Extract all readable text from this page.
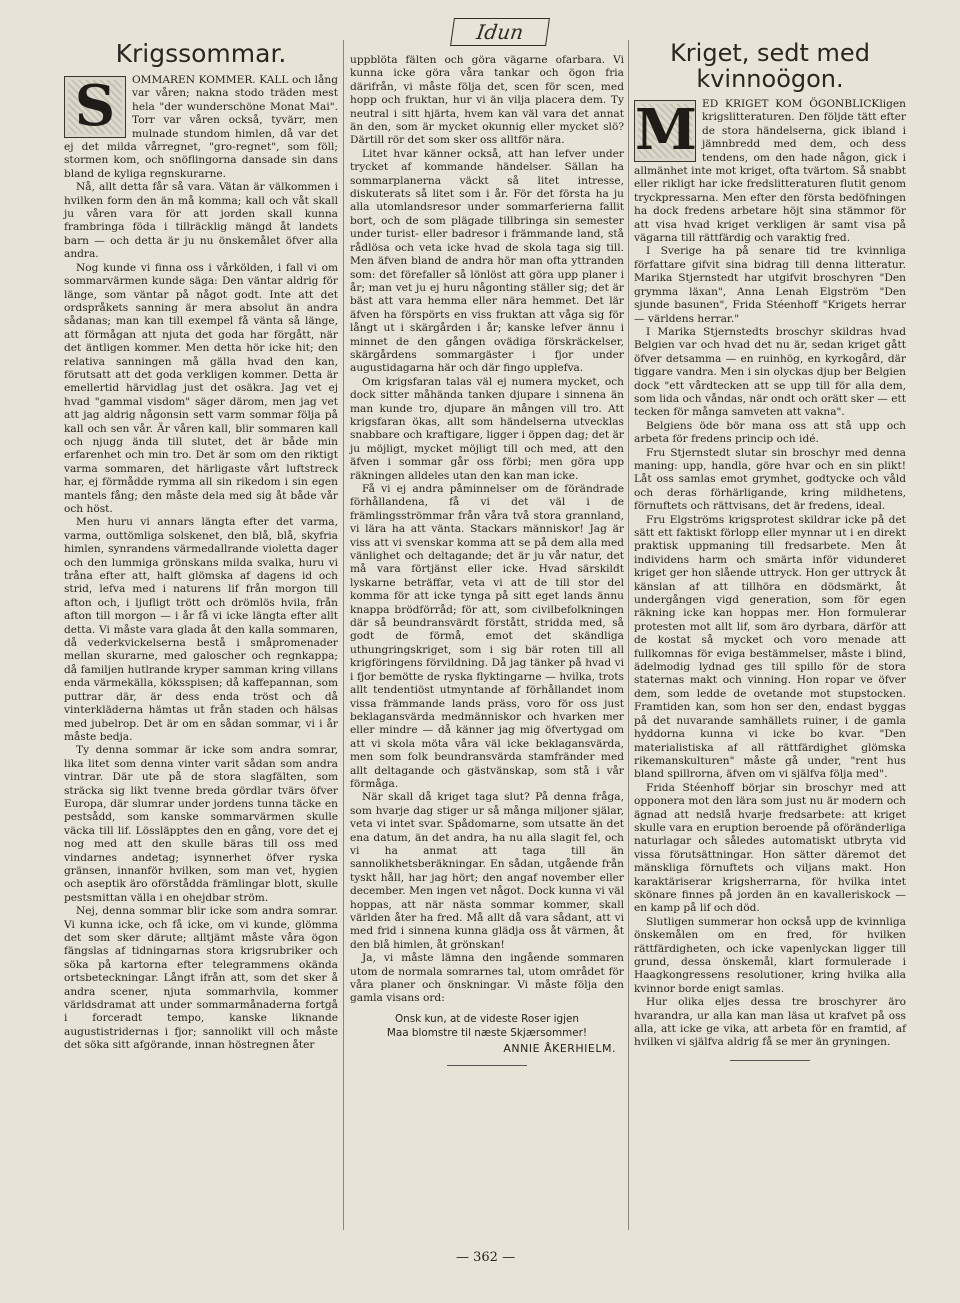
Idun
Krigssommar.

S	OMMAREN KOMMER. KALL och lång var våren; nakna stodo träden mest hela "der wunderschöne Monat Mai". Torr var våren också, tyvärr, men mulnade stundom himlen, då var det ej det milda vårregnet, "gro-regnet", som föll; stormen kom, och snöflingorna dansade sin dans bland de kyliga regnskurarne.

Nå, allt detta får så vara. Vätan är välkommen i hvilken form den än må komma; kall och våt skall ju våren vara för att jorden skall kunna frambringa föda i tillräcklig mängd åt landets barn — och detta är ju nu önskemålet öfver alla andra.

Nog kunde vi finna oss i vårkölden, i fall vi om sommarvärmen kunde säga: Den väntar aldrig för länge, som väntar på något godt. Inte att det ordspråkets sanning är mera absolut än andra sådanas; man kan till exempel få vänta så länge, att förmågan att njuta det goda har förgått, när det äntligen kommer. Men detta hör icke hit; den relativa sanningen må gälla hvad den kan, förutsatt att det goda verkligen kommer. Detta är emellertid härvidlag just det osäkra. Jag vet ej hvad "gammal visdom" säger därom, men jag vet att jag aldrig någonsin sett varm sommar följa på kall och sen vår. Är våren kall, blir sommaren kall och njugg ända till slutet, det är både min erfarenhet och min tro. Det är som om den riktigt varma sommaren, det härligaste vårt luftstreck har, ej förmådde rymma all sin rikedom i sin egen mantels fång; den måste dela med sig åt både vår och höst.

Men huru vi annars längta efter det varma, varma, outtömliga solskenet, den blå, blå, skyfria himlen, synrandens värmedallrande violetta dager och den lummiga grönskans milda svalka, huru vi tråna efter att, halft glömska af dagens id och strid, lefva med i naturens lif från morgon till afton och, i ljufligt trött och drömlös hvila, från afton till morgon — i år få vi icke längta efter allt detta. Vi måste vara glada åt den kalla sommaren, då vederkvickelserna bestå i småpromenader mellan skurarne, med galoscher och regnkappa; då familjen hutlrande kryper samman kring villans enda värmekälla, köksspisen; då kaffepannan, som puttrar där, är dess enda tröst och då vinterkläderna hämtas ut från staden och hälsas med jubelrop. Det är om en sådan sommar, vi i år måste bedja.

Ty denna sommar är icke som andra somrar, lika litet som denna vinter varit sådan som andra vintrar. Där ute på de stora slagfälten, som sträcka sig likt tvenne breda gördlar tvärs öfver Europa, där slumrar under jordens tunna täcke en pestsådd, som kanske sommarvärmen skulle väcka till lif. Lössläpptes den en gång, vore det ej nog med att den skulle bäras till oss med vindarnes andetag; isynnerhet öfver ryska gränsen, innanför hvilken, som man vet, hygien och aseptik äro oförstådda främlingar blott, skulle pestsmittan välla i en ohejdbar ström.

Nej, denna sommar blir icke som andra somrar. Vi kunna icke, och få icke, om vi kunde, glömma det som sker därute; alltjämt måste våra ögon fängslas af tidningarnas stora krigsrubriker och söka på kartorna efter telegrammens okända ortsbeteckningar. Långt ifrån att, som det sker å andra scener, njuta sommarhvila, kommer världsdramat att under sommarmånaderna fortgå i forceradt tempo, kanske liknande augustistridernas i fjor; sannolikt vill och måste det söka sitt afgörande, innan höstregnen åter

uppblöta fälten och göra vägarne ofarbara. Vi kunna icke göra våra tankar och ögon fria därifrån, vi måste följa det, scen för scen, med hopp och fruktan, hur vi än vilja placera dem. Ty neutral i sitt hjärta, hvem kan väl vara det annat än den, som är mycket okunnig eller mycket slö? Därtill rör det som sker oss alltför nära.

Litet hvar känner också, att han lefver under trycket af kommande händelser. Sällan ha sommarplanerna väckt så litet intresse, diskuterats så litet som i år. För det första ha ju alla utomlandsresor under sommarferierna fallit bort, och de som plägade tillbringa sin semester under turist- eller badresor i främmande land, stå rådlösa och veta icke hvad de skola taga sig till. Men äfven bland de andra hör man ofta yttranden som: det förefaller så lönlöst att göra upp planer i år; man vet ju ej huru någonting ställer sig; det är bäst att vara hemma eller nära hemmet. Det lär äfven ha förspörts en viss fruktan att våga sig för långt ut i skärgården i år; kanske lefver ännu i minnet de den gången ovädiga förskräckelser, skärgårdens sommargäster i fjor under augustidagarna här och där fingo upplefva.

Om krigsfaran talas väl ej numera mycket, och dock sitter måhända tanken djupare i sinnena än man kunde tro, djupare än mången vill tro. Att krigsfaran ökas, allt som händelserna utvecklas snabbare och kraftigare, ligger i öppen dag; det är ju möjligt, mycket möjligt till och med, att den äfven i sommar går oss förbi; men göra upp räkningen alldeles utan den kan man icke.

Få vi ej andra påminnelser om de förändrade förhållandena, få vi det väl i de främlingsströmmar från våra två stora grannland, vi lära ha att vänta. Stackars människor! Jag är viss att vi svenskar komma att se på dem alla med vänlighet och deltagande; det är ju vår natur, det må vara förtjänst eller icke. Hvad särskildt lyskarne beträffar, veta vi att de till stor del komma för att icke tynga på sitt eget lands ännu knappa brödförråd; för att, som civilbefolkningen där så beundransvärdt förstått, stridda med, så godt de förmå, emot det skändliga uthungringskriget, som i sig bär roten till all krigföringens förvildning. Då jag tänker på hvad vi i fjor bemötte de ryska flyktingarne — hvilka, trots allt tendentiöst utmyntande af förhållandet inom vissa främmande lands präss, voro för oss just beklagansvärda medmänniskor och hvarken mer eller mindre — då känner jag mig öfvertygad om att vi skola möta våra väl icke beklagansvärda, men som folk beundransvärda stamfränder med allt deltagande och gästvänskap, som stå i vår förmåga.

När skall då kriget taga slut? På denna fråga, som hvarje dag stiger ur så många miljoner själar, veta vi intet svar. Spådomarne, som utsatte än det ena datum, än det andra, ha nu alla slagit fel, och vi ha anmat att taga till än sannolikhetsberäkningar. En sådan, utgående från tyskt håll, har jag hört; den angaf november eller december. Men ingen vet något. Dock kunna vi väl hoppas, att när nästa sommar kommer, skall världen åter ha fred. Må allt då vara sådant, att vi med frid i sinnena kunna glädja oss åt värmen, åt den blå himlen, åt grönskan!

Ja, vi måste lämna den ingående sommaren utom de normala somrarnes tal, utom området för våra planer och önskningar. Vi måste följa den gamla visans ord:

Onsk kun, at de videste Roser igjen
Maa blomstre til næste Skjærsommer!
ANNIE ÅKERHIELM.
Kriget, sedt med kvinnoögon.

M ED KRIGET KOM ÖGONBLICKligen krigslitteraturen. Den följde tätt efter de stora händelserna, gick ibland i jämnbredd med dem, och dess tendens, om den hade någon, gick i allmänhet inte mot kriget, ofta tvärtom. Så snabbt eller rikligt har icke fredslitteraturen flutit genom tryckpressarna. Men efter den första bedöfningen ha dock fredens arbetare höjt sina stämmor för att visa hvad kriget verkligen är samt visa på vägarna till rättfärdig och varaktig fred.

I Sverige ha på senare tid tre kvinnliga författare gifvit sina bidrag till denna litteratur. Marika Stjernstedt har utgifvit broschyren "Den grymma läxan", Anna Lenah Elgström "Den sjunde basunen", Frida Stéenhoff "Krigets herrar — världens herrar."

I Marika Stjernstedts broschyr skildras hvad Belgien var och hvad det nu är, sedan kriget gått öfver detsamma — en ruinhög, en kyrkogård, där tiggare vandra. Men i sin olyckas djup ber Belgien dock "ett vårdtecken att se upp till för alla dem, som lida och våndas, när ondt och orätt sker — ett tecken för många samveten att vakna".

Belgiens öde bör mana oss att stå upp och arbeta för fredens princip och idé.

Fru Stjernstedt slutar sin broschyr med denna maning: upp, handla, göre hvar och en sin plikt! Låt oss samlas emot grymhet, godtycke och våld och deras förhärligande, kring mildhetens, förnuftets och rättvisans, det är fredens, ideal.

Fru Elgströms krigsprotest skildrar icke på det sätt ett faktiskt förlopp eller mynnar ut i en direkt praktisk uppmaning till fredsarbete. Men åt individens harm och smärta inför vidunderet kriget ger hon slående uttryck. Hon ger uttryck åt känslan af att tillhöra en dödsmärkt, åt undergången vigd generation, som för egen räkning icke kan hoppas mer. Hon formulerar protesten mot allt lif, som äro dyrbara, därför att de kostat så mycket och voro menade att fullkomnas för eviga bestämmelser, måste i blind, ädelmodig lydnad ges till spillo för de stora staternas makt och vinning. Hon ropar ve öfver dem, som ledde de ovetande mot stupstocken. Framtiden kan, som hon ser den, endast byggas på det nuvarande samhällets ruiner, i de gamla hyddorna kunna vi icke bo kvar. "Den materialistiska af all rättfärdighet glömska rikemanskulturen" måste gå under, "rent hus bland spillrorna, äfven om vi själfva följa med".

Frida Stéenhoff börjar sin broschyr med att opponera mot den lära som just nu är modern och ägnad att nedslå hvarje fredsarbete: att kriget skulle vara en eruption beroende på oföränderliga naturlagar och således automatiskt utbryta vid vissa förutsättningar. Hon sätter däremot det mänskliga förnuftets och viljans makt. Hon karaktäriserar krigsherrarna, för hvilka intet skönare finnes på jorden än en kavalleriskock — en kamp på lif och död.

Slutligen summerar hon också upp de kvinnliga önskemålen om en fred, för hvilken rättfärdigheten, och icke vapenlyckan ligger till grund, dessa önskemål, klart formulerade i Haagkongressens resolutioner, kring hvilka alla kvinnor borde enigt samlas.

Hur olika eljes dessa tre broschyrer äro hvarandra, ur alla kan man läsa ut krafvet på oss alla, att icke ge vika, att arbeta för en framtid, af hvilken vi själfva aldrig få se mer än gryningen.

— 362 —
